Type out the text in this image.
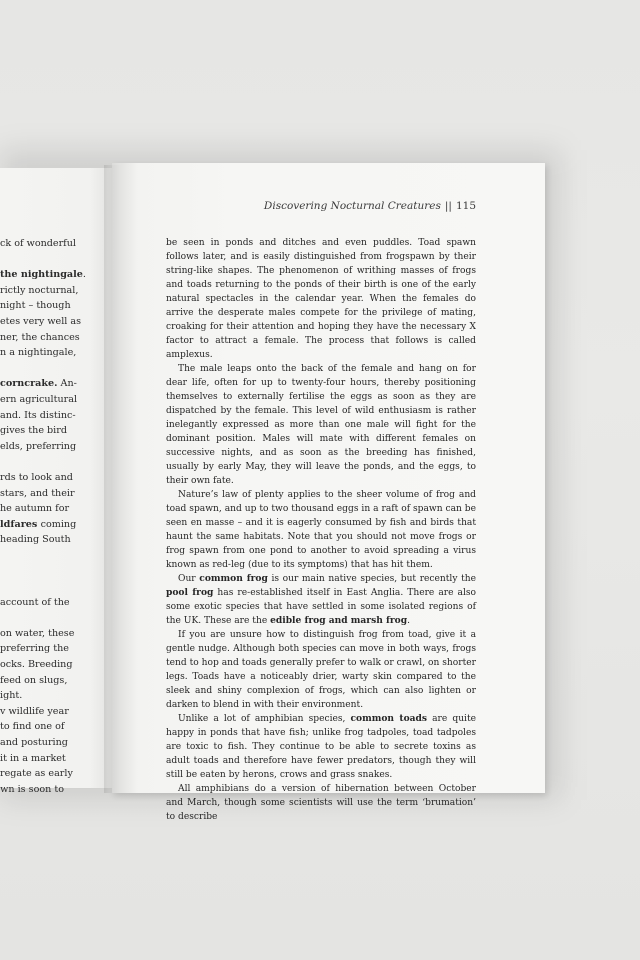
ck of wonderful

the nightingale.
rictly nocturnal,
night – though
etes very well as
ner, the chances
n a nightingale,

corncrake. An-
ern agricultural
and. Its distinc-
gives the bird
elds, preferring

rds to look and
stars, and their
he autumn for
ldfares coming
heading South

account of the

on water, these
preferring the
ocks. Breeding
feed on slugs,
ight.
v wildlife year
to find one of
and posturing
it in a market
regate as early
wn is soon to
Discovering Nocturnal Creatures || 115

be seen in ponds and ditches and even puddles. Toad spawn follows later, and is easily distinguished from frogspawn by their string-like shapes. The phenomenon of writhing masses of frogs and toads returning to the ponds of their birth is one of the early natural spectacles in the calendar year. When the females do arrive the desperate males compete for the privilege of mating, croaking for their attention and hoping they have the necessary X factor to attract a female. The process that follows is called amplexus.

The male leaps onto the back of the female and hang on for dear life, often for up to twenty-four hours, thereby positioning themselves to externally fertilise the eggs as soon as they are dispatched by the female. This level of wild enthusiasm is rather inelegantly expressed as more than one male will fight for the dominant position. Males will mate with different females on successive nights, and as soon as the breeding has finished, usually by early May, they will leave the ponds, and the eggs, to their own fate.

Nature’s law of plenty applies to the sheer volume of frog and toad spawn, and up to two thousand eggs in a raft of spawn can be seen en masse – and it is eagerly consumed by fish and birds that haunt the same habitats. Note that you should not move frogs or frog spawn from one pond to another to avoid spreading a virus known as red-leg (due to its symptoms) that has hit them.

Our common frog is our main native species, but recently the pool frog has re-established itself in East Anglia. There are also some exotic species that have settled in some isolated regions of the UK. These are the edible frog and marsh frog.

If you are unsure how to distinguish frog from toad, give it a gentle nudge. Although both species can move in both ways, frogs tend to hop and toads generally prefer to walk or crawl, on shorter legs. Toads have a noticeably drier, warty skin compared to the sleek and shiny complexion of frogs, which can also lighten or darken to blend in with their environment.

Unlike a lot of amphibian species, common toads are quite happy in ponds that have fish; unlike frog tadpoles, toad tadpoles are toxic to fish. They continue to be able to secrete toxins as adult toads and therefore have fewer predators, though they will still be eaten by herons, crows and grass snakes.

All amphibians do a version of hibernation between October and March, though some scientists will use the term ‘brumation’ to describe
